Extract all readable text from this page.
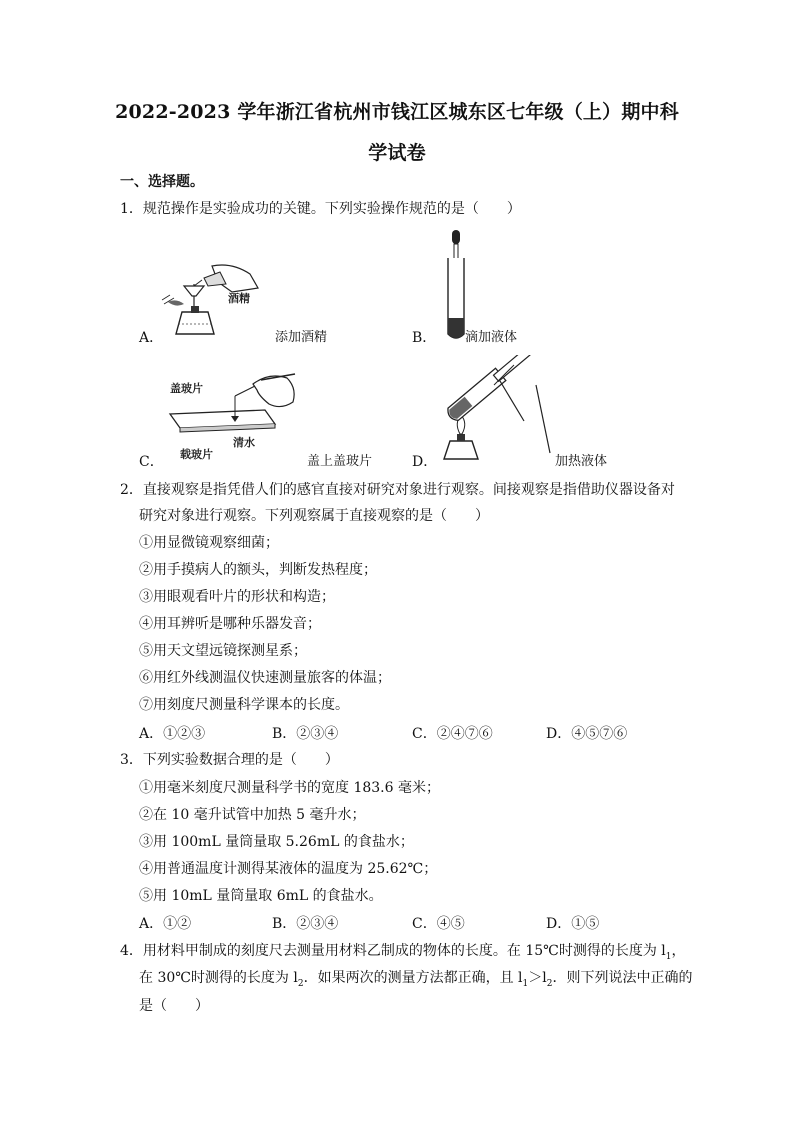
2022-2023 学年浙江省杭州市钱江区城东区七年级（上）期中科
学试卷
一、选择题。
1．规范操作是实验成功的关键。下列实验操作规范的是（　　）
酒精
A．	添加酒精	B． 滴加液体
盖玻片
清水
载玻片
C．	盖上盖玻片	D．	加热液体
2．直接观察是指凭借人们的感官直接对研究对象进行观察。间接观察是指借助仪器设备对
研究对象进行观察。下列观察属于直接观察的是（　　）
①用显微镜观察细菌；
②用手摸病人的额头，判断发热程度；
③用眼观看叶片的形状和构造；
④用耳辨听是哪种乐器发音；
⑤用天文望远镜探测星系；
⑥用红外线测温仪快速测量旅客的体温；
⑦用刻度尺测量科学课本的长度。
A．①②③	B．②③④	C．②④⑦⑥	D．④⑤⑦⑥
3．下列实验数据合理的是（　　）
①用毫米刻度尺测量科学书的宽度 183.6 毫米；
②在 10 毫升试管中加热 5 毫升水；
③用 100mL 量筒量取 5.26mL 的食盐水；
④用普通温度计测得某液体的温度为 25.62℃；
⑤用 10mL 量筒量取 6mL 的食盐水。
A．①②	B．②③④	C．④⑤	D．①⑤
4．用材料甲制成的刻度尺去测量用材料乙制成的物体的长度。在 15℃时测得的长度为 $l_1$，
在 30℃时测得的长度为 $l_2$．如果两次的测量方法都正确，且 $l_1>l_2$．则下列说法中正确的
是（　　）
